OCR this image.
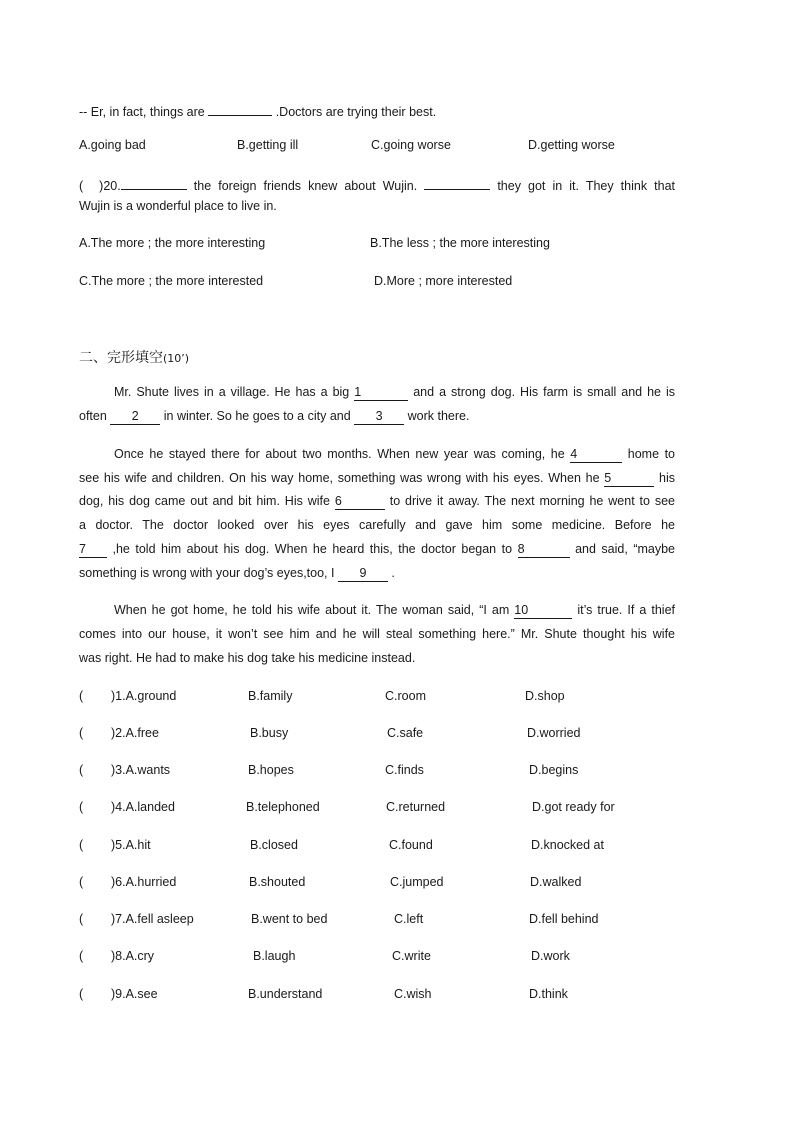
-- Er, in fact, things are	.Doctors are trying their best.
A.going bad	B.getting ill	C.going worse	D.getting worse
( )20.	the foreign friends knew about Wujin.	they got in it. They think that
Wujin is a wonderful place to live in.
A.The more ; the more interesting	B.The less ; the more interesting
C.The more ; the more interested	D.More ; more interested
二、完形填空(10’)
Mr. Shute lives in a village. He has a big 1	and a strong dog. His farm is small and he is
often 2 in winter. So he goes to a city and 3 work there.
Once he stayed there for about two months. When new year was coming, he 4	home to
see his wife and children. On his way home, something was wrong with his eyes. When he 5	his
dog, his dog came out and bit him. His wife 6	to drive it away. The next morning he went to see
a doctor. The doctor looked over his eyes carefully and gave him some medicine. Before he
7 ,he told him about his dog. When he heard this, the doctor began to 8	and said, “maybe
something is wrong with your dog’s eyes,too, I 9 .
When he got home, he told his wife about it. The woman said, “I am 10	it’s true. If a thief
comes into our house, it won’t see him and he will steal something here.” Mr. Shute thought his wife
was right. He had to make his dog take his medicine instead.
( )1.A.ground	B.family	C.room	D.shop
( )2.A.free	B.busy	C.safe	D.worried
( )3.A.wants	B.hopes	C.finds	D.begins
( )4.A.landed	B.telephoned	C.returned	D.got ready for
( )5.A.hit	B.closed	C.found	D.knocked at
( )6.A.hurried	B.shouted	C.jumped	D.walked
( )7.A.fell asleep	B.went to bed	C.left	D.fell behind
( )8.A.cry	B.laugh	C.write	D.work
( )9.A.see	B.understand	C.wish	D.think
